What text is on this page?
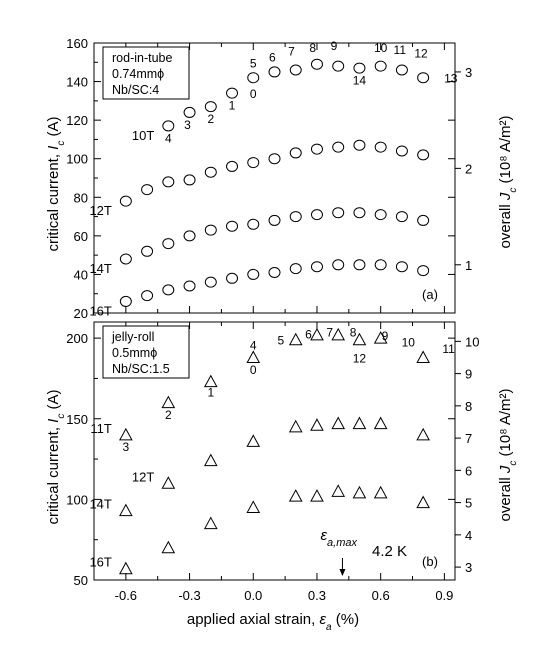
20
40
60
80
100
120
140
160
1
2
3
10T
12T
14T
16T
4
3 2
1
5
0
6 7 8 9
14
10 11 12
13
rod-in-tube
0.74mmϕ
Nb/SC:4
(a)
critical current, $I_c$ (A)
overall $J_c$ (10⁸ A/m²)
50
100
150
200
3
4
5
6
7
8
9
10
11T
12T
14T
16T
3
2
1
4
0
5 6 7 8
12
9 10 11
jelly-roll
0.5mmϕ
Nb/SC:1.5
(b)
critical current, $I_c$ (A)
overall $J_c$ (10⁸ A/m²)
$\varepsilon_{a,max}$ 4.2 K
-0.6	-0.3	0.0	0.3	0.6	0.9
applied axial strain, $\varepsilon_a$ (%)
